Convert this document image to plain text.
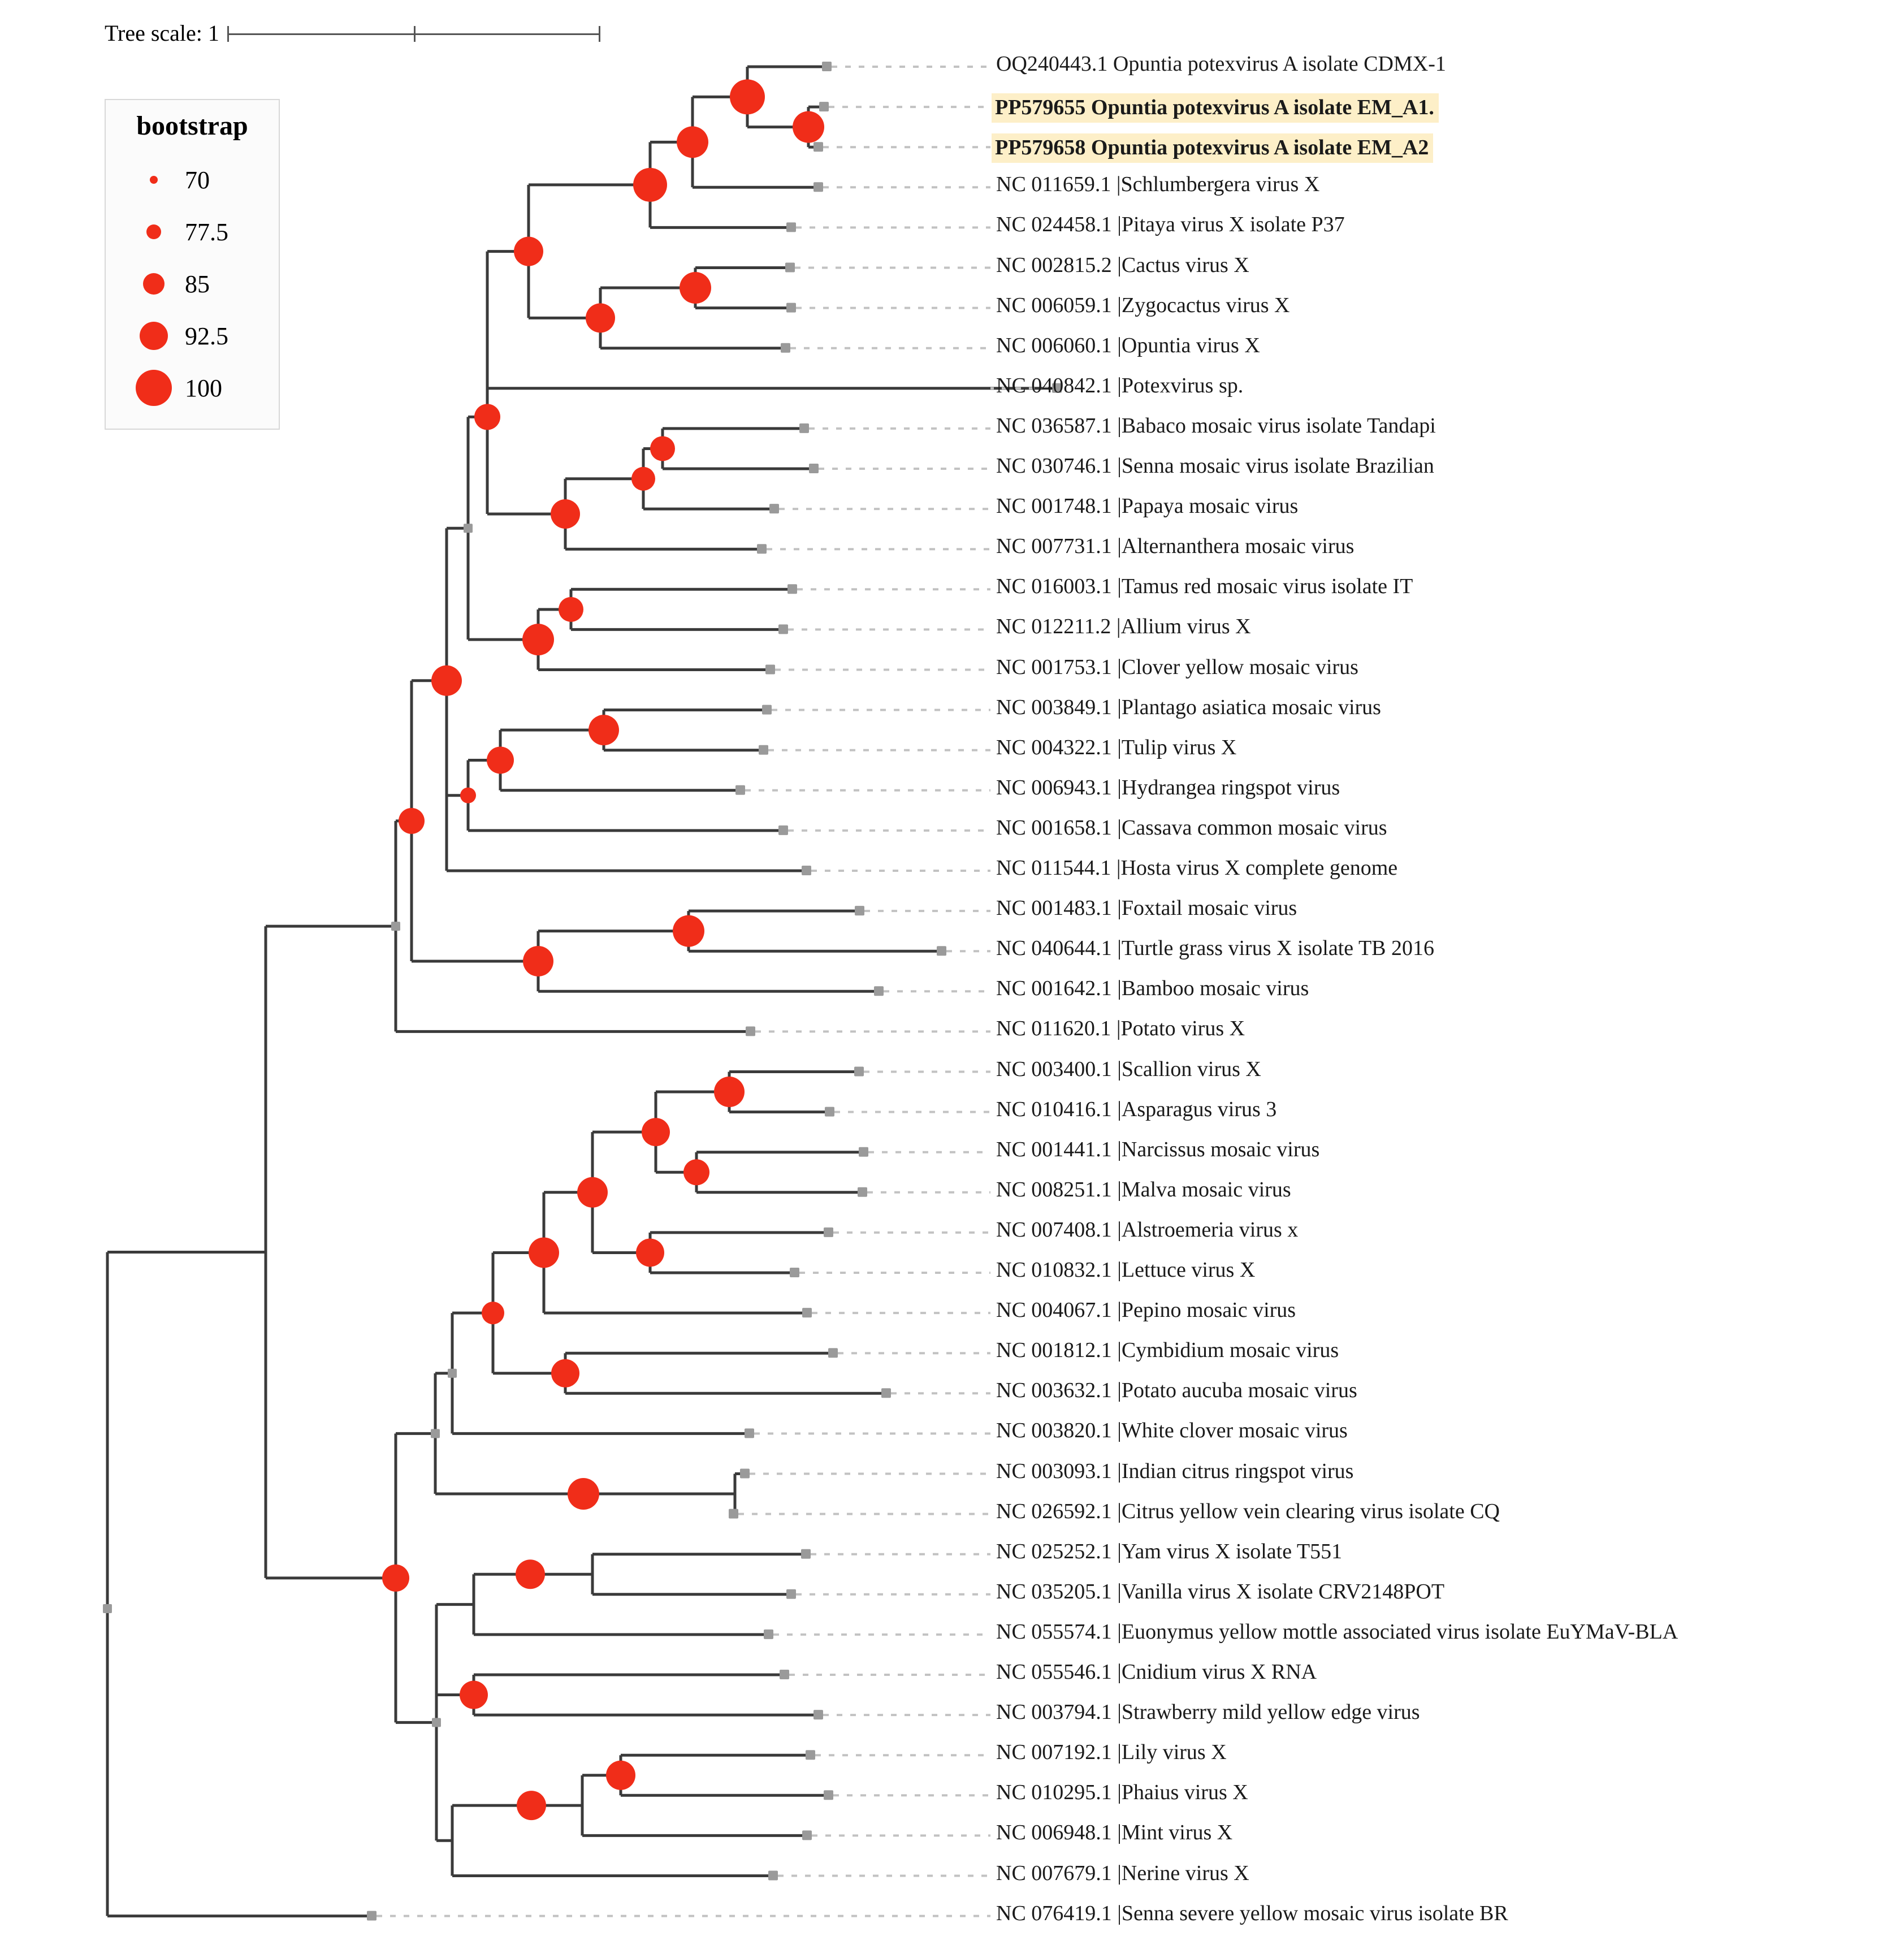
Tree scale: 1
bootstrap
70
77.5
85
92.5
100
OQ240443.1 Opuntia potexvirus A isolate CDMX-1
PP579655 Opuntia potexvirus A isolate EM_A1.
PP579658 Opuntia potexvirus A isolate EM_A2
NC 011659.1 |Schlumbergera virus X
NC 024458.1 |Pitaya virus X isolate P37
NC 002815.2 |Cactus virus X
NC 006059.1 |Zygocactus virus X
NC 006060.1 |Opuntia virus X
NC 040842.1 |Potexvirus sp.
NC 036587.1 |Babaco mosaic virus isolate Tandapi
NC 030746.1 |Senna mosaic virus isolate Brazilian
NC 001748.1 |Papaya mosaic virus
NC 007731.1 |Alternanthera mosaic virus
NC 016003.1 |Tamus red mosaic virus isolate IT
NC 012211.2 |Allium virus X
NC 001753.1 |Clover yellow mosaic virus
NC 003849.1 |Plantago asiatica mosaic virus
NC 004322.1 |Tulip virus X
NC 006943.1 |Hydrangea ringspot virus
NC 001658.1 |Cassava common mosaic virus
NC 011544.1 |Hosta virus X complete genome
NC 001483.1 |Foxtail mosaic virus
NC 040644.1 |Turtle grass virus X isolate TB 2016
NC 001642.1 |Bamboo mosaic virus
NC 011620.1 |Potato virus X
NC 003400.1 |Scallion virus X
NC 010416.1 |Asparagus virus 3
NC 001441.1 |Narcissus mosaic virus
NC 008251.1 |Malva mosaic virus
NC 007408.1 |Alstroemeria virus x
NC 010832.1 |Lettuce virus X
NC 004067.1 |Pepino mosaic virus
NC 001812.1 |Cymbidium mosaic virus
NC 003632.1 |Potato aucuba mosaic virus
NC 003820.1 |White clover mosaic virus
NC 003093.1 |Indian citrus ringspot virus
NC 026592.1 |Citrus yellow vein clearing virus isolate CQ
NC 025252.1 |Yam virus X isolate T551
NC 035205.1 |Vanilla virus X isolate CRV2148POT
NC 055574.1 |Euonymus yellow mottle associated virus isolate EuYMaV-BLA
NC 055546.1 |Cnidium virus X RNA
NC 003794.1 |Strawberry mild yellow edge virus
NC 007192.1 |Lily virus X
NC 010295.1 |Phaius virus X
NC 006948.1 |Mint virus X
NC 007679.1 |Nerine virus X
NC 076419.1 |Senna severe yellow mosaic virus isolate BR
